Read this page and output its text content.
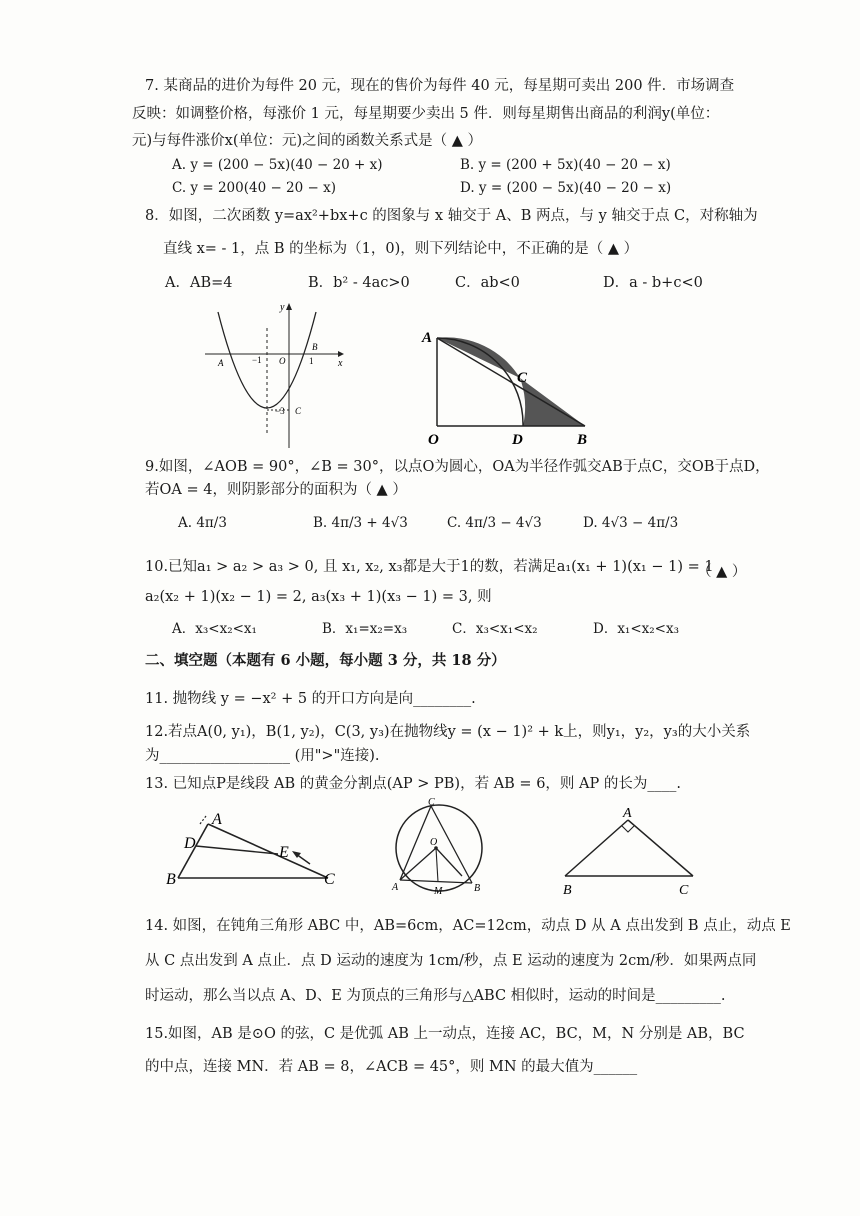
7. 某商品的进价为每件 20 元，现在的售价为每件 40 元，每星期可卖出 200 件．市场调查
反映：如调整价格，每涨价 1 元，每星期要少卖出 5 件．则每星期售出商品的利润y(单位：
元)与每件涨价x(单位：元)之间的函数关系式是（ ▲ ）
A. y = (200 − 5x)(40 − 20 + x)	B. y = (200 + 5x)(40 − 20 − x)
C. y = 200(40 − 20 − x)	D. y = (200 − 5x)(40 − 20 − x)
8．如图，二次函数 y=ax²+bx+c 的图象与 x 轴交于 A、B 两点，与 y 轴交于点 C，对称轴为
直线 x= - 1，点 B 的坐标为（1，0)，则下列结论中，不正确的是（ ▲ ）
A．AB=4	B．b² - 4ac>0	C．ab<0	D．a - b+c<0
y
x
A	−1 O
B
1
−3 C
A
C
O	D	B
9.如图，∠AOB = 90°，∠B = 30°，以点O为圆心，OA为半径作弧交AB于点C，交OB于点D，
若OA = 4，则阴影部分的面积为（ ▲ ）
A. 4π/3	B. 4π/3 + 4√3	C. 4π/3 − 4√3	D. 4√3 − 4π/3
10.已知a₁ > a₂ > a₃ > 0, 且 x₁, x₂, x₃都是大于1的数，若满足a₁(x₁ + 1)(x₁ − 1) = 1
（ ▲ ）
a₂(x₂ + 1)(x₂ − 1) = 2, a₃(x₃ + 1)(x₃ − 1) = 3, 则
A．x₃<x₂<x₁	B．x₁=x₂=x₃	C．x₃<x₁<x₂	D．x₁<x₂<x₃
二、填空题（本题有 6 小题，每小题 3 分，共 18 分）
11. 抛物线 y = −x² + 5 的开口方向是向________.
12.若点A(0, y₁)，B(1, y₂)，C(3, y₃)在抛物线y = (x − 1)² + k上，则y₁，y₂，y₃的大小关系
为__________________ (用">"连接).
13. 已知点P是线段 AB 的黄金分割点(AP > PB)，若 AB = 6，则 AP 的长为____.
A
D
E
B	C
C
O
A	M	B
A
B	C
14. 如图，在钝角三角形 ABC 中，AB=6cm，AC=12cm，动点 D 从 A 点出发到 B 点止，动点 E
从 C 点出发到 A 点止．点 D 运动的速度为 1cm/秒，点 E 运动的速度为 2cm/秒．如果两点同
时运动，那么当以点 A、D、E 为顶点的三角形与△ABC 相似时，运动的时间是_________.
15.如图，AB 是⊙O 的弦，C 是优弧 AB 上一动点，连接 AC，BC，M，N 分别是 AB，BC
的中点，连接 MN．若 AB = 8，∠ACB = 45°，则 MN 的最大值为______
